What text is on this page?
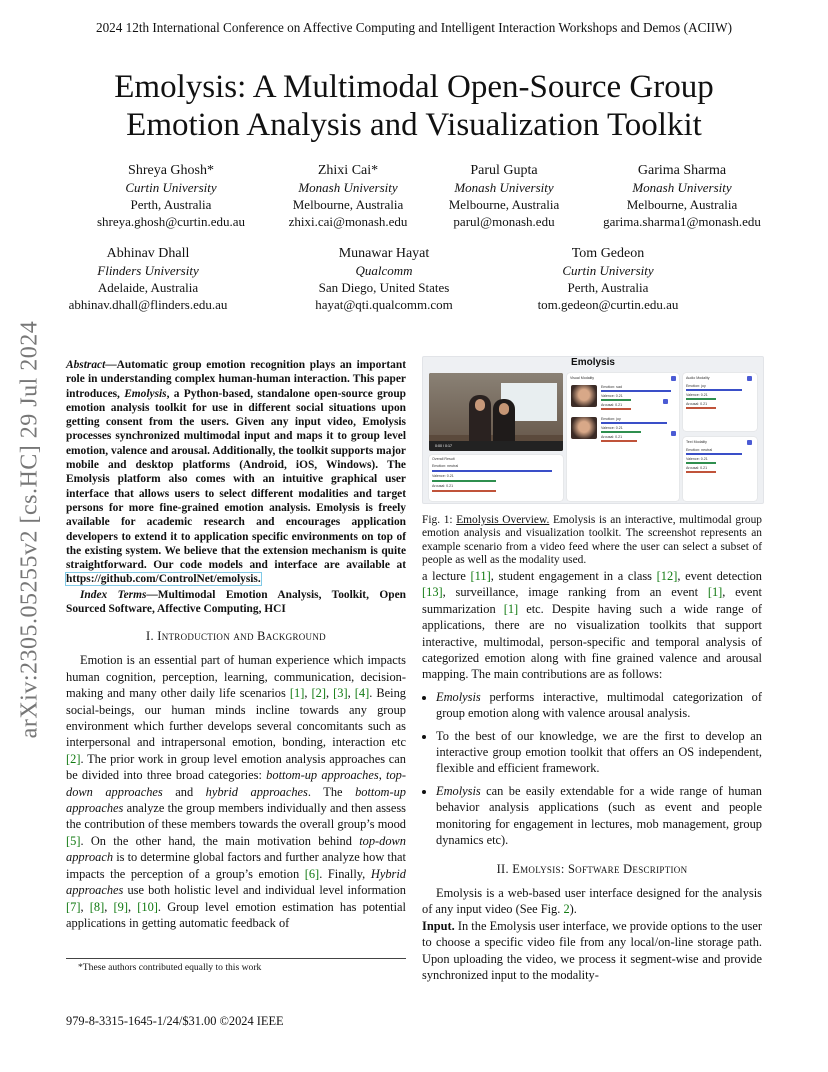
2024 12th International Conference on Affective Computing and Intelligent Interaction Workshops and Demos (ACIIW)
Emolysis: A Multimodal Open-Source Group
Emotion Analysis and Visualization Toolkit
Shreya Ghosh*
Curtin University
Perth, Australia
shreya.ghosh@curtin.edu.au
Zhixi Cai*
Monash University
Melbourne, Australia
zhixi.cai@monash.edu
Parul Gupta
Monash University
Melbourne, Australia
parul@monash.edu
Garima Sharma
Monash University
Melbourne, Australia
garima.sharma1@monash.edu
Abhinav Dhall
Flinders University
Adelaide, Australia
abhinav.dhall@flinders.edu.au
Munawar Hayat
Qualcomm
San Diego, United States
hayat@qti.qualcomm.com
Tom Gedeon
Curtin University
Perth, Australia
tom.gedeon@curtin.edu.au
arXiv:2305.05255v2 [cs.HC] 29 Jul 2024 Abstract—Automatic group emotion recognition plays an important role in understanding complex human-human interaction. This paper introduces, Emolysis, a Python-based, standalone open-source group emotion analysis toolkit for use in different social situations upon getting consent from the users. Given any input video, Emolysis processes synchronized multimodal input and maps it to group level emotion, valence and arousal. Additionally, the toolkit supports major mobile and desktop platforms (Android, iOS, Windows). The Emolysis platform also comes with an intuitive graphical user interface that allows users to select different modalities and target persons for more fine-grained emotion analysis. Emolysis is freely available for academic research and encourages application developers to extend it to application specific environments on top of the existing system. We believe that the extension mechanism is quite straightforward. Our code models and interface are available at https://github.com/ControlNet/emolysis.
Index Terms—Multimodal Emotion Analysis, Toolkit, Open Sourced Software, Affective Computing, HCI
I. Introduction and Background

Emotion is an essential part of human experience which impacts human cognition, perception, learning, communication, decision-making and many other daily life scenarios [1], [2], [3], [4]. Being social-beings, our human minds incline towards any group environment which further develops several concomitants such as interpersonal and intrapersonal emotion, bonding, interaction etc [2]. The prior work in group level emotion analysis approaches can be divided into three broad categories: bottom-up approaches, top-down approaches and hybrid approaches. The bottom-up approaches analyze the group members individually and then assess the contribution of these members towards the overall group’s mood [5]. On the other hand, the main motivation behind top-down approach is to determine global factors and further analyze how that impacts the perception of a group’s emotion [6]. Finally, Hybrid approaches use both holistic level and individual level information [7], [8], [9], [10]. Group level emotion estimation has potential applications in getting automatic feedback of

*These authors contributed equally to this work
979-8-3315-1645-1/24/$31.00 ©2024 IEEE
Emolysis
0:00 / 0:17
Overall Result
Emotion: neutral
Valence: 0.21
Arousal: 0.21
Visual Modality
Emotion: sad
Valence: 0.21
Arousal: 0.21
Emotion: joy
Valence: 0.21
Arousal: 0.21
Audio Modality
Emotion: joy
Valence: 0.21
Arousal: 0.21
Text Modality
Emotion: neutral
Valence: 0.21
Arousal: 0.21
Fig. 1: Emolysis Overview. Emolysis is an interactive, multimodal group emotion analysis and visualization toolkit. The screenshot represents an example scenario from a video feed where the user can select a subset of people as well as the modality used.
a lecture [11], student engagement in a class [12], event detection [13], surveillance, image ranking from an event [1], event summarization [1] etc. Despite having such a wide range of applications, there are no visualization toolkits that support interactive, multimodal, person-specific and temporal analysis of categorized emotion along with fine grained valence and arousal mapping. The main contributions are as follows:
• Emolysis performs interactive, multimodal categorization of group emotion along with valence arousal analysis.
• To the best of our knowledge, we are the first to develop an interactive group emotion toolkit that offers an OS independent, flexible and efficient framework.
• Emolysis can be easily extendable for a wide range of human behavior analysis applications (such as event and people monitoring for engagement in lectures, mob management, group dynamics etc).
II. Emolysis: Software Description

Emolysis is a web-based user interface designed for the analysis of any input video (See Fig. 2).

Input. In the Emolysis user interface, we provide options to the user to choose a specific video file from any local/on-line storage path. Upon uploading the video, we process it segment-wise and provide synchronized input to the modality-
